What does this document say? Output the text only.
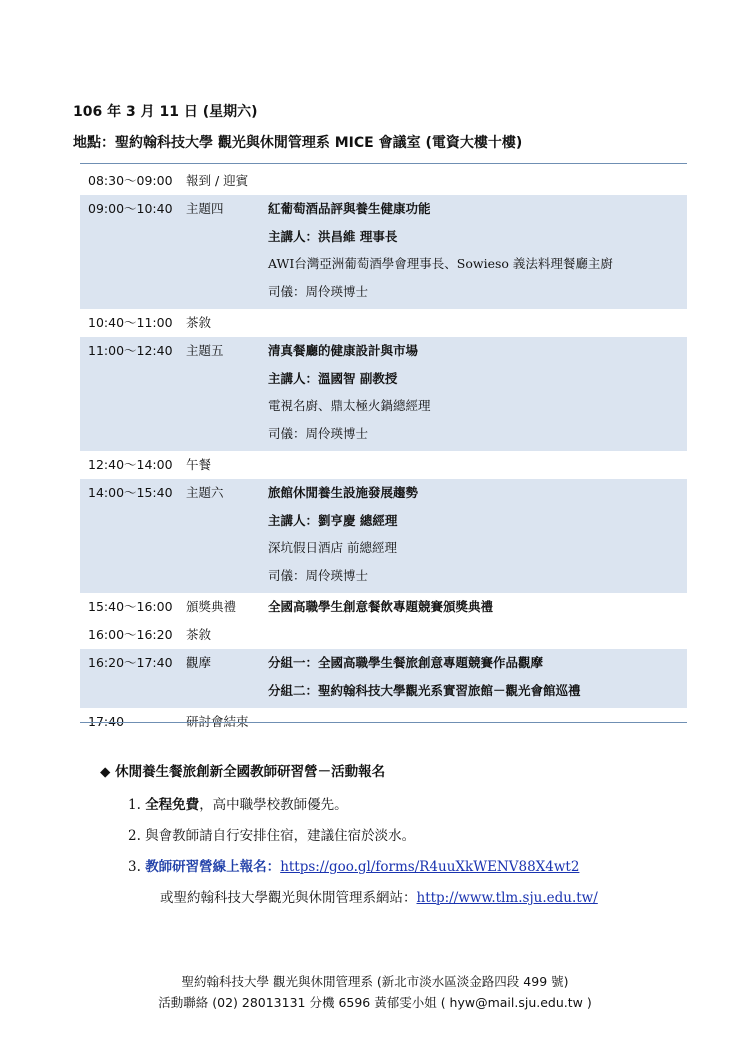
106 年 3 月 11 日 (星期六)
地點：聖約翰科技大學 觀光與休閒管理系 MICE 會議室 (電資大樓十樓)
08:30～09:00 報到 / 迎賓
09:00～10:40 主題四	紅葡萄酒品評與養生健康功能
主講人：洪昌維 理事長
AWI台灣亞洲葡萄酒學會理事長、Sowieso 義法料理餐廳主廚
司儀：周伶瑛博士
10:40～11:00 茶敘
11:00～12:40 主題五	清真餐廳的健康設計與市場
主講人：溫國智 副教授
電視名廚、鼎太極火鍋總經理
司儀：周伶瑛博士
12:40～14:00 午餐
14:00～15:40 主題六	旅館休閒養生設施發展趨勢
主講人：劉亨慶 總經理
深坑假日酒店 前總經理
司儀：周伶瑛博士
15:40～16:00 頒獎典禮	全國高職學生創意餐飲專題競賽頒獎典禮
16:00～16:20 茶敘
16:20～17:40 觀摩	分組一：全國高職學生餐旅創意專題競賽作品觀摩
分組二：聖約翰科技大學觀光系實習旅館－觀光會館巡禮
17:40	研討會結束
◆ 休閒養生餐旅創新全國教師研習營－活動報名
1. 全程免費，高中職學校教師優先。
2. 與會教師請自行安排住宿，建議住宿於淡水。
3. 教師研習營線上報名：https://goo.gl/forms/R4uuXkWENV88X4wt2
或聖約翰科技大學觀光與休閒管理系網站：http://www.tlm.sju.edu.tw/
聖約翰科技大學 觀光與休閒管理系 (新北市淡水區淡金路四段 499 號)
活動聯絡 (02) 28013131 分機 6596 黃郁雯小姐 ( hyw@mail.sju.edu.tw )
